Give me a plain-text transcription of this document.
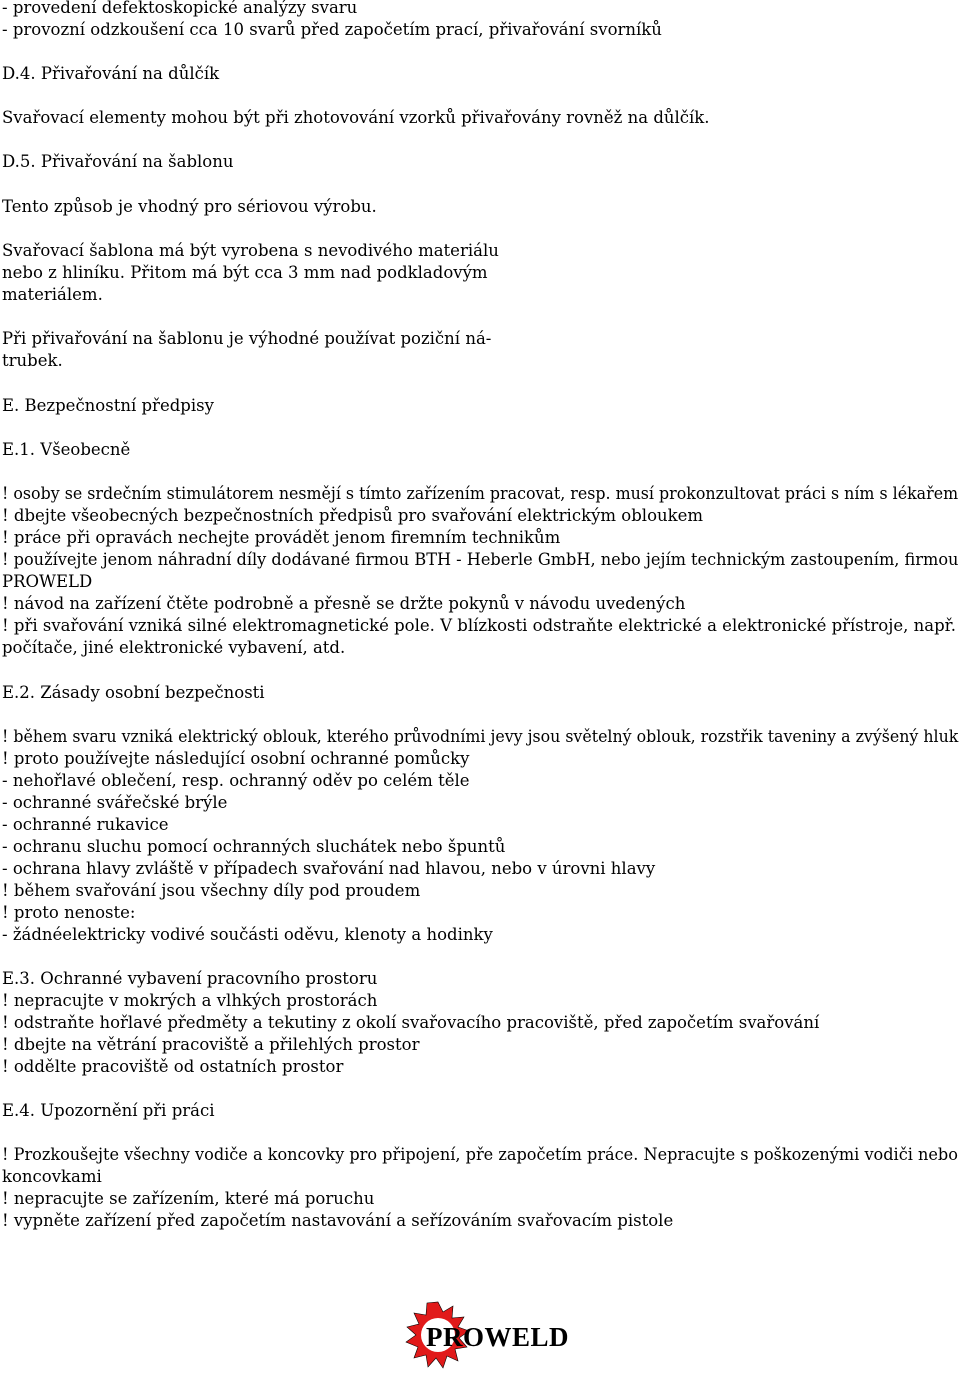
- provedení defektoskopické analýzy svaru
- provozní odzkoušení cca 10 svarů před započetím prací, přivařování svorníků
D.4. Přivařování na důlčík
Svařovací elementy mohou být při zhotovování vzorků přivařovány rovněž na důlčík.
D.5. Přivařování na šablonu
Tento způsob je vhodný pro sériovou výrobu.
Svařovací šablona má být vyrobena s nevodivého materiálu
nebo z hliníku. Přitom má být cca 3 mm nad podkladovým
materiálem.
Při přivařování na šablonu je výhodné používat poziční ná-
trubek.
E. Bezpečnostní předpisy
E.1. Všeobecně
! osoby se srdečním stimulátorem nesmějí s tímto zařízením pracovat, resp. musí prokonzultovat práci s ním s lékařem
! dbejte všeobecných bezpečnostních předpisů pro svařování elektrickým obloukem
! práce při opravách nechejte provádět jenom firemním technikům
! používejte jenom náhradní díly dodávané firmou BTH - Heberle GmbH, nebo jejím technickým zastoupením, firmou
PROWELD
! návod na zařízení čtěte podrobně a přesně se držte pokynů v návodu uvedených
! při svařování vzniká silné elektromagnetické pole. V blízkosti odstraňte elektrické a elektronické přístroje, např.
počítače, jiné elektronické vybavení, atd.
E.2. Zásady osobní bezpečnosti
! během svaru vzniká elektrický oblouk, kterého průvodními jevy jsou světelný oblouk, rozstřik taveniny a zvýšený hluk
! proto používejte následující osobní ochranné pomůcky
- nehořlavé oblečení, resp. ochranný oděv po celém těle
- ochranné svářečské brýle
- ochranné rukavice
- ochranu sluchu pomocí ochranných sluchátek nebo špuntů
- ochrana hlavy zvláště v případech svařování nad hlavou, nebo v úrovni hlavy
! během svařování jsou všechny díly pod proudem
! proto nenoste:
- žádnéelektricky vodivé součásti oděvu, klenoty a hodinky
E.3. Ochranné vybavení pracovního prostoru
! nepracujte v mokrých a vlhkých prostorách
! odstraňte hořlavé předměty a tekutiny z okolí svařovacího pracoviště, před započetím svařování
! dbejte na větrání pracoviště a přilehlých prostor
! oddělte pracoviště od ostatních prostor
E.4. Upozornění při práci
! Prozkoušejte všechny vodiče a koncovky pro připojení, pře započetím práce. Nepracujte s poškozenými vodiči nebo
koncovkami
! nepracujte se zařízením, které má poruchu
! vypněte zařízení před započetím nastavování a seřízováním svařovacím pistole
PROWELD
